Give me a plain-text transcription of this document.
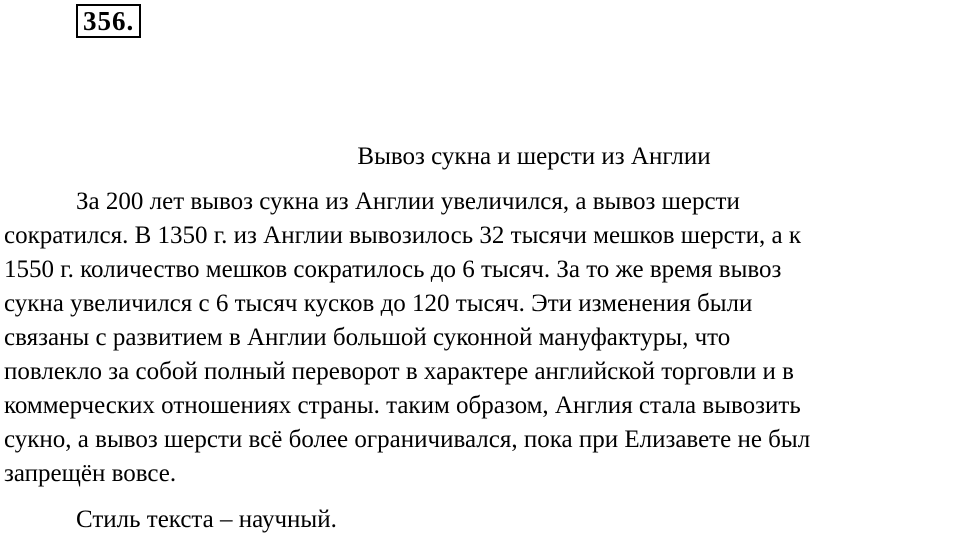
356.
Вывоз сукна и шерсти из Англии
За 200 лет вывоз сукна из Англии увеличился, а вывоз шерсти
сократился. В 1350 г. из Англии вывозилось 32 тысячи мешков шерсти, а к
1550 г. количество мешков сократилось до 6 тысяч. За то же время вывоз
сукна увеличился с 6 тысяч кусков до 120 тысяч. Эти изменения были
связаны с развитием в Англии большой суконной мануфактуры, что
повлекло за собой полный переворот в характере английской торговли и в
коммерческих отношениях страны. таким образом, Англия стала вывозить
сукно, а вывоз шерсти всё более ограничивался, пока при Елизавете не был
запрещён вовсе.
Стиль текста – научный.
